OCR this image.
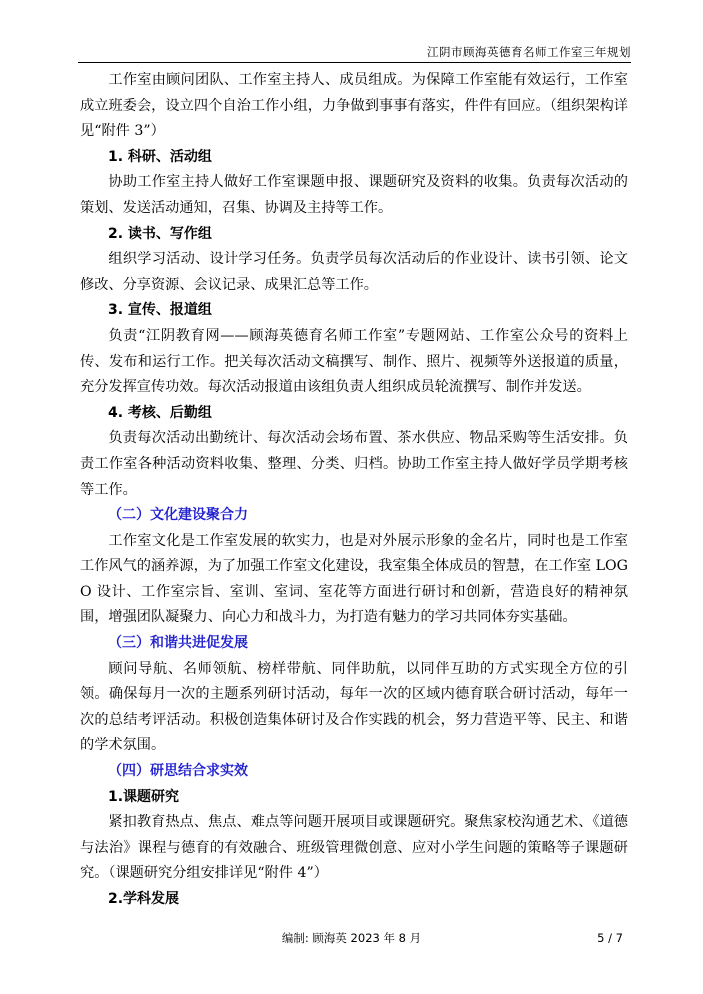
江阴市顾海英德育名师工作室三年规划

工作室由顾问团队、工作室主持人、成员组成。为保障工作室能有效运行，工作室成立班委会，设立四个自治工作小组，力争做到事事有落实，件件有回应。（组织架构详见“附件 3”）

1. 科研、活动组

协助工作室主持人做好工作室课题申报、课题研究及资料的收集。负责每次活动的策划、发送活动通知，召集、协调及主持等工作。

2. 读书、写作组

组织学习活动、设计学习任务。负责学员每次活动后的作业设计、读书引领、论文修改、分享资源、会议记录、成果汇总等工作。

3. 宣传、报道组

负责“江阴教育网——顾海英德育名师工作室”专题网站、工作室公众号的资料上传、发布和运行工作。把关每次活动文稿撰写、制作、照片、视频等外送报道的质量，充分发挥宣传功效。每次活动报道由该组负责人组织成员轮流撰写、制作并发送。

4. 考核、后勤组

负责每次活动出勤统计、每次活动会场布置、茶水供应、物品采购等生活安排。负责工作室各种活动资料收集、整理、分类、归档。协助工作室主持人做好学员学期考核等工作。

（二）文化建设聚合力

工作室文化是工作室发展的软实力，也是对外展示形象的金名片，同时也是工作室工作风气的涵养源，为了加强工作室文化建设，我室集全体成员的智慧，在工作室 LOGO 设计、工作室宗旨、室训、室词、室花等方面进行研讨和创新，营造良好的精神氛围，增强团队凝聚力、向心力和战斗力，为打造有魅力的学习共同体夯实基础。

（三）和谐共进促发展

顾问导航、名师领航、榜样带航、同伴助航，以同伴互助的方式实现全方位的引领。确保每月一次的主题系列研讨活动，每年一次的区域内德育联合研讨活动，每年一次的总结考评活动。积极创造集体研讨及合作实践的机会，努力营造平等、民主、和谐的学术氛围。

（四）研思结合求实效

1.课题研究

紧扣教育热点、焦点、难点等问题开展项目或课题研究。聚焦家校沟通艺术、《道德与法治》课程与德育的有效融合、班级管理微创意、应对小学生问题的策略等子课题研究。（课题研究分组安排详见“附件 4”）

2.学科发展

编制: 顾海英 2023 年 8 月	5 / 7
